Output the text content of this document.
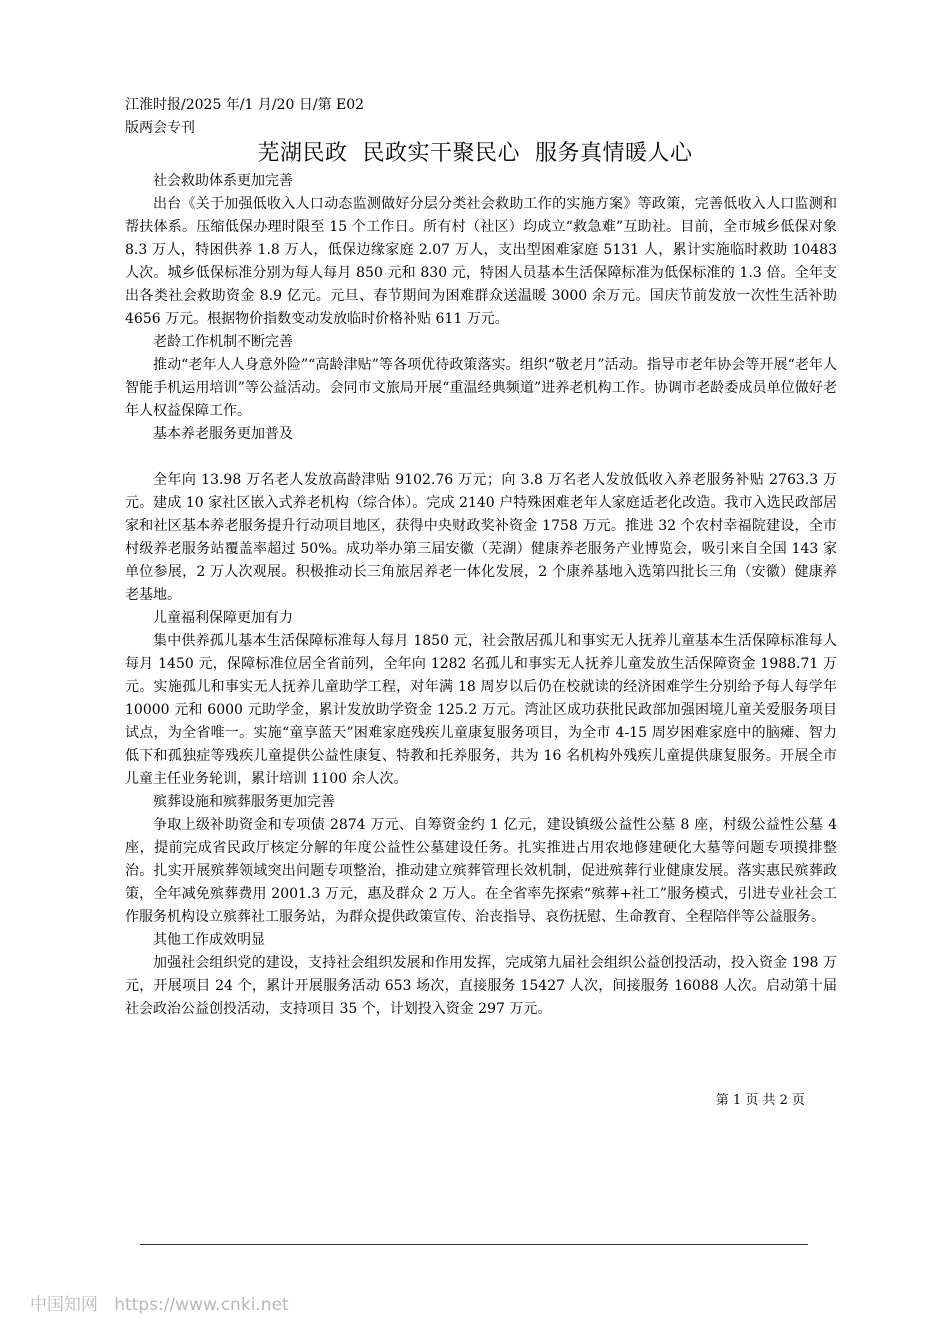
江淮时报/2025 年/1 月/20 日/第 E02
版两会专刊
芜湖民政  民政实干聚民心  服务真情暖人心

社会救助体系更加完善

出台《关于加强低收入人口动态监测做好分层分类社会救助工作的实施方案》等政策，完善低收入人口监测和帮扶体系。压缩低保办理时限至 15 个工作日。所有村（社区）均成立“救急难”互助社。目前，全市城乡低保对象 8.3 万人，特困供养 1.8 万人，低保边缘家庭 2.07 万人，支出型困难家庭 5131 人，累计实施临时救助 10483 人次。城乡低保标准分别为每人每月 850 元和 830 元，特困人员基本生活保障标准为低保标准的 1.3 倍。全年支出各类社会救助资金 8.9 亿元。元旦、春节期间为困难群众送温暖 3000 余万元。国庆节前发放一次性生活补助 4656 万元。根据物价指数变动发放临时价格补贴 611 万元。

老龄工作机制不断完善

推动“老年人人身意外险”“高龄津贴”等各项优待政策落实。组织“敬老月”活动。指导市老年协会等开展“老年人智能手机运用培训”等公益活动。会同市文旅局开展“重温经典频道”进养老机构工作。协调市老龄委成员单位做好老年人权益保障工作。

基本养老服务更加普及

全年向 13.98 万名老人发放高龄津贴 9102.76 万元；向 3.8 万名老人发放低收入养老服务补贴 2763.3 万元。建成 10 家社区嵌入式养老机构（综合体）。完成 2140 户特殊困难老年人家庭适老化改造。我市入选民政部居家和社区基本养老服务提升行动项目地区，获得中央财政奖补资金 1758 万元。推进 32 个农村幸福院建设，全市村级养老服务站覆盖率超过 50%。成功举办第三届安徽（芜湖）健康养老服务产业博览会，吸引来自全国 143 家单位参展，2 万人次观展。积极推动长三角旅居养老一体化发展，2 个康养基地入选第四批长三角（安徽）健康养老基地。

儿童福利保障更加有力

集中供养孤儿基本生活保障标准每人每月 1850 元，社会散居孤儿和事实无人抚养儿童基本生活保障标准每人每月 1450 元，保障标准位居全省前列，全年向 1282 名孤儿和事实无人抚养儿童发放生活保障资金 1988.71 万元。实施孤儿和事实无人抚养儿童助学工程，对年满 18 周岁以后仍在校就读的经济困难学生分别给予每人每学年 10000 元和 6000 元助学金，累计发放助学资金 125.2 万元。湾沚区成功获批民政部加强困境儿童关爱服务项目试点，为全省唯一。实施“童享蓝天”困难家庭残疾儿童康复服务项目，为全市 4-15 周岁困难家庭中的脑瘫、智力低下和孤独症等残疾儿童提供公益性康复、特教和托养服务，共为 16 名机构外残疾儿童提供康复服务。开展全市儿童主任业务轮训，累计培训 1100 余人次。

殡葬设施和殡葬服务更加完善

争取上级补助资金和专项债 2874 万元、自筹资金约 1 亿元，建设镇级公益性公墓 8 座，村级公益性公墓 4 座，提前完成省民政厅核定分解的年度公益性公墓建设任务。扎实推进占用农地修建硬化大墓等问题专项摸排整治。扎实开展殡葬领域突出问题专项整治，推动建立殡葬管理长效机制，促进殡葬行业健康发展。落实惠民殡葬政策，全年减免殡葬费用 2001.3 万元，惠及群众 2 万人。在全省率先探索“殡葬+社工”服务模式，引进专业社会工作服务机构设立殡葬社工服务站，为群众提供政策宣传、治丧指导、哀伤抚慰、生命教育、全程陪伴等公益服务。

其他工作成效明显

加强社会组织党的建设，支持社会组织发展和作用发挥，完成第九届社会组织公益创投活动，投入资金 198 万元，开展项目 24 个，累计开展服务活动 653 场次，直接服务 15427 人次，间接服务 16088 人次。启动第十届社会政治公益创投活动，支持项目 35 个，计划投入资金 297 万元。

第 1 页 共 2 页
中国知网   https://www.cnki.net
